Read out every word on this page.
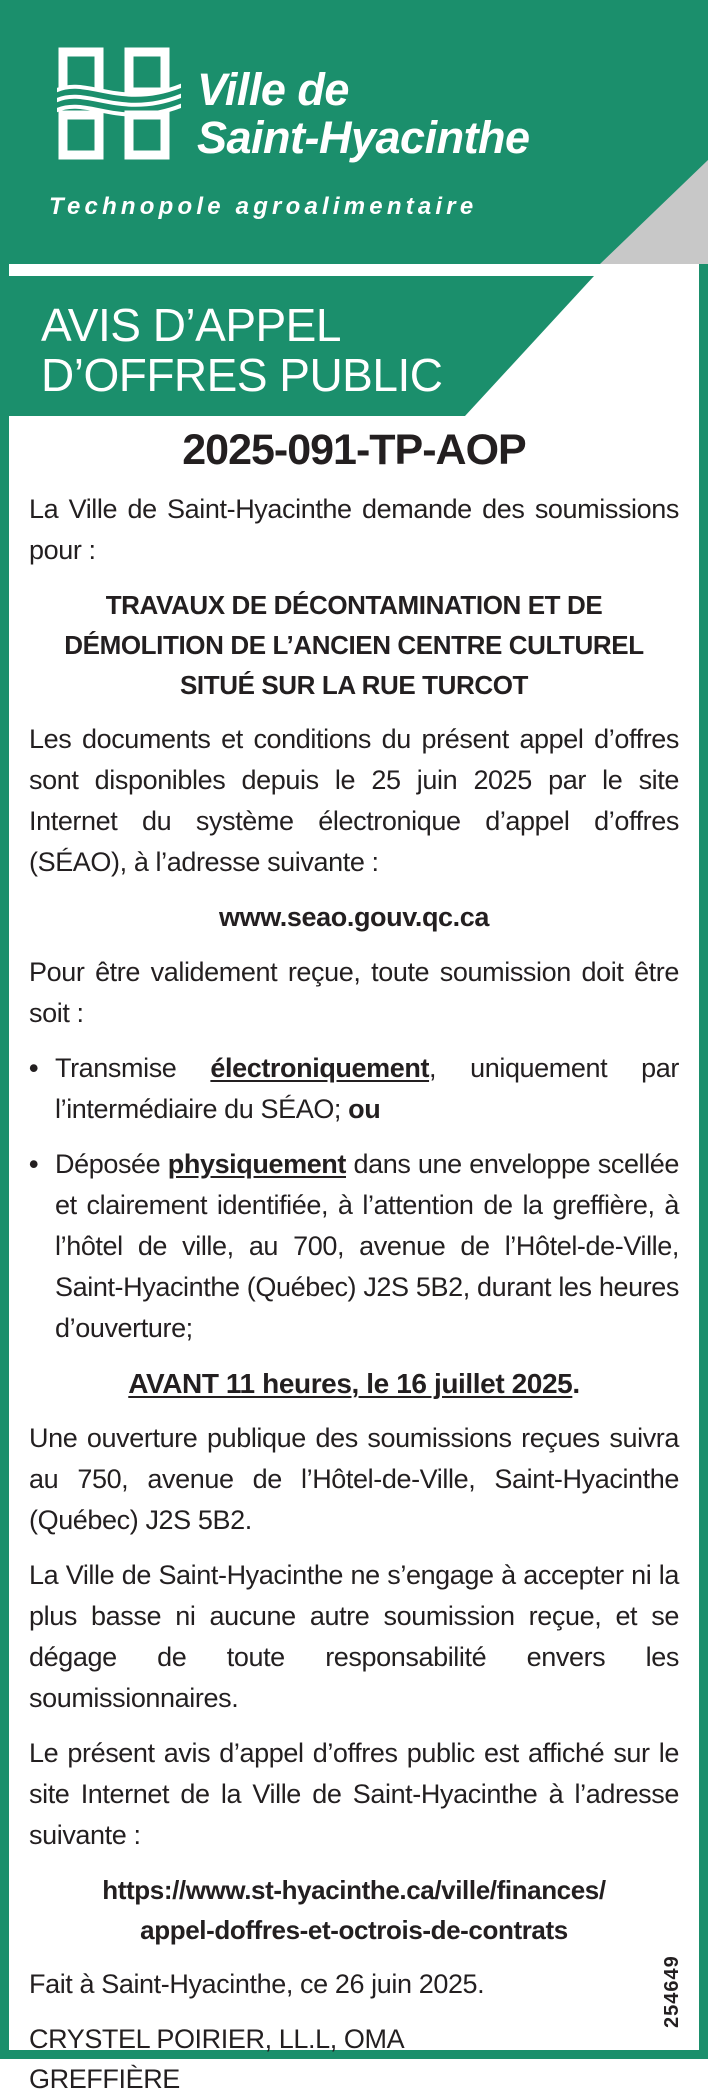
Ville de
Saint-Hyacinthe
Technopole agroalimentaire
AVIS D’APPEL
D’OFFRES PUBLIC
2025-091-TP-AOP

La Ville de Saint-Hyacinthe demande des soumissions pour :

TRAVAUX DE DÉCONTAMINATION ET DE DÉMOLITION DE L’ANCIEN CENTRE CULTUREL SITUÉ SUR LA RUE TURCOT

Les documents et conditions du présent appel d’offres sont disponibles depuis le 25 juin 2025 par le site Internet du système électronique d’appel d’offres (SÉAO), à l’adresse suivante :

www.seao.gouv.qc.ca

Pour être validement reçue, toute soumission doit être soit :

• Transmise électroniquement, uniquement par l’intermédiaire du SÉAO; ou

• Déposée physiquement dans une enveloppe scellée et clairement identifiée, à l’attention de la greffière, à l’hôtel de ville, au 700, avenue de l’Hôtel-de-Ville, Saint-Hyacinthe (Québec) J2S 5B2, durant les heures d’ouverture;

AVANT 11 heures, le 16 juillet 2025.

Une ouverture publique des soumissions reçues suivra au 750, avenue de l’Hôtel-de-Ville, Saint-Hyacinthe (Québec) J2S 5B2.

La Ville de Saint-Hyacinthe ne s’engage à accepter ni la plus basse ni aucune autre soumission reçue, et se dégage de toute responsabilité envers les soumissionnaires.

Le présent avis d’appel d’offres public est affiché sur le site Internet de la Ville de Saint-Hyacinthe à l’adresse suivante :

https://www.st-hyacinthe.ca/ville/finances/
appel-doffres-et-octrois-de-contrats

Fait à Saint-Hyacinthe, ce 26 juin 2025.

CRYSTEL POIRIER, LL.L, OMA

GREFFIÈRE

254649
